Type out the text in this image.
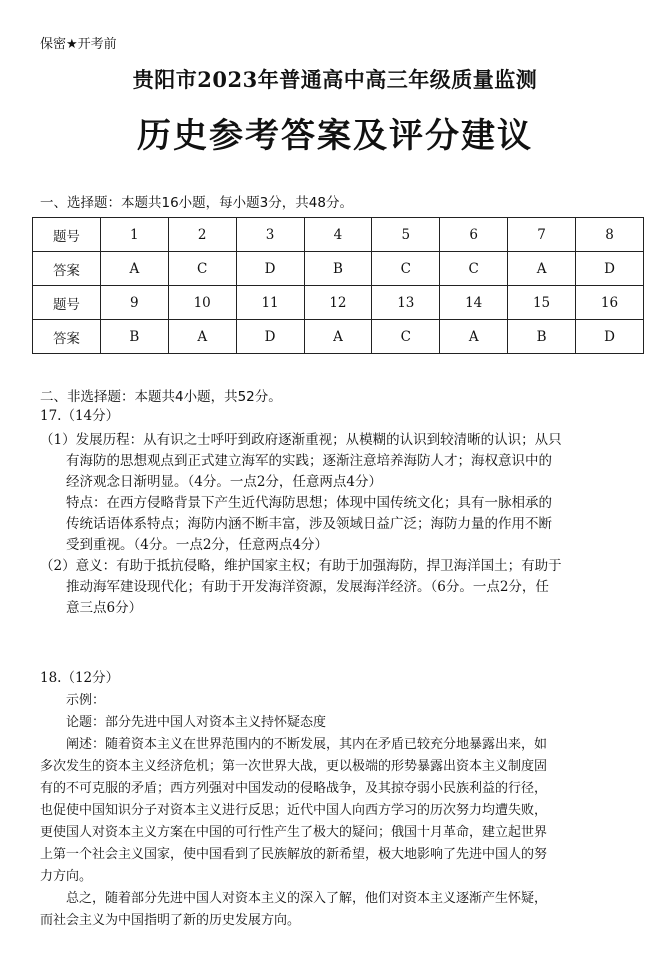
保密★开考前
贵阳市2023年普通高中高三年级质量监测
历史参考答案及评分建议
一、选择题：本题共16小题，每小题3分，共48分。
题号	1	2	3	4	5	6	7	8
答案	A	C	D	B	C	C	A	D
题号	9	10	11	12	13	14	15	16
答案	B	A	D	A	C	A	B	D
二、非选择题：本题共4小题，共52分。
17.（14分）
（1）发展历程：从有识之士呼吁到政府逐渐重视；从模糊的认识到较清晰的认识；从只
有海防的思想观点到正式建立海军的实践；逐渐注意培养海防人才；海权意识中的
经济观念日渐明显。（4分。一点2分，任意两点4分）
特点：在西方侵略背景下产生近代海防思想；体现中国传统文化；具有一脉相承的
传统话语体系特点；海防内涵不断丰富，涉及领域日益广泛；海防力量的作用不断
受到重视。（4分。一点2分，任意两点4分）
（2）意义：有助于抵抗侵略，维护国家主权；有助于加强海防，捍卫海洋国土；有助于
推动海军建设现代化；有助于开发海洋资源，发展海洋经济。（6分。一点2分，任
意三点6分）
18.（12分）

示例：

论题：部分先进中国人对资本主义持怀疑态度

阐述：随着资本主义在世界范围内的不断发展，其内在矛盾已较充分地暴露出来，如

多次发生的资本主义经济危机；第一次世界大战，更以极端的形势暴露出资本主义制度固

有的不可克服的矛盾；西方列强对中国发动的侵略战争，及其掠夺弱小民族利益的行径，

也促使中国知识分子对资本主义进行反思；近代中国人向西方学习的历次努力均遭失败，

更使国人对资本主义方案在中国的可行性产生了极大的疑问；俄国十月革命，建立起世界

上第一个社会主义国家，使中国看到了民族解放的新希望，极大地影响了先进中国人的努

力方向。

总之，随着部分先进中国人对资本主义的深入了解，他们对资本主义逐渐产生怀疑，

而社会主义为中国指明了新的历史发展方向。
